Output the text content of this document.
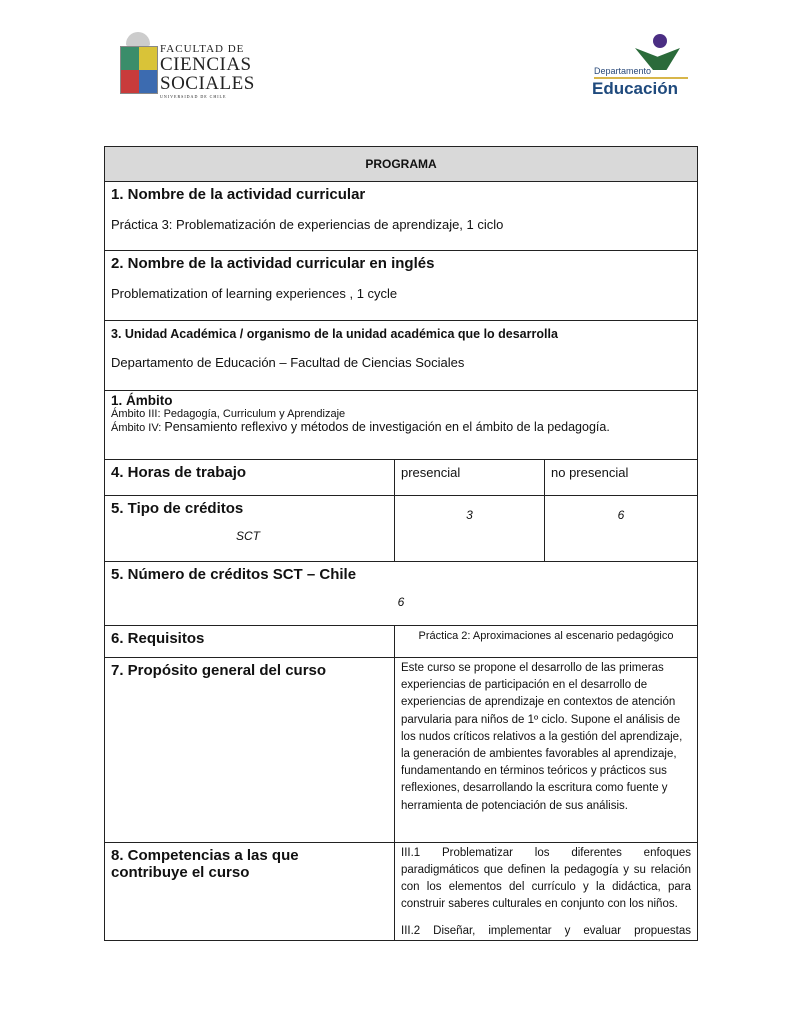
FACULTAD DE
CIENCIAS
SOCIALES
UNIVERSIDAD DE CHILE
Departamento
Educación
PROGRAMA		

1. Nombre de la actividad curricular
Práctica 3: Problematización de experiencias de aprendizaje, 1 ciclo		

2. Nombre de la actividad curricular en inglés
Problematization of learning experiences , 1 cycle		

3. Unidad Académica / organismo de la unidad académica que lo desarrolla
Departamento de Educación – Facultad de Ciencias Sociales		

1. Ámbito
Ámbito III: Pedagogía, Curriculum y Aprendizaje
Ámbito IV: Pensamiento reflexivo y métodos de investigación en el ámbito de la pedagogía.		

4. Horas de trabajo	presencial	no presencial

5. Tipo de créditos
SCT	3	6

5. Número de créditos SCT – Chile
6		

6. Requisitos	Práctica 2: Aproximaciones al escenario pedagógico	

7. Propósito general del curso	Este curso se propone el desarrollo de las primeras experiencias de participación en el desarrollo de experiencias de aprendizaje en contextos de atención parvularia para niños de 1º ciclo. Supone el análisis de los nudos críticos relativos a la gestión del aprendizaje, la generación de ambientes favorables al aprendizaje, fundamentando en términos teóricos y prácticos sus reflexiones, desarrollando la escritura como fuente y herramienta de potenciación de sus análisis.	

8. Competencias a las que contribuye el curso	III.1 Problematizar los diferentes enfoques paradigmáticos que definen la pedagogía y su relación con los elementos del currículo y la didáctica, para construir saberes culturales en conjunto con los niños.
III.2 Diseñar, implementar y evaluar propuestas	
